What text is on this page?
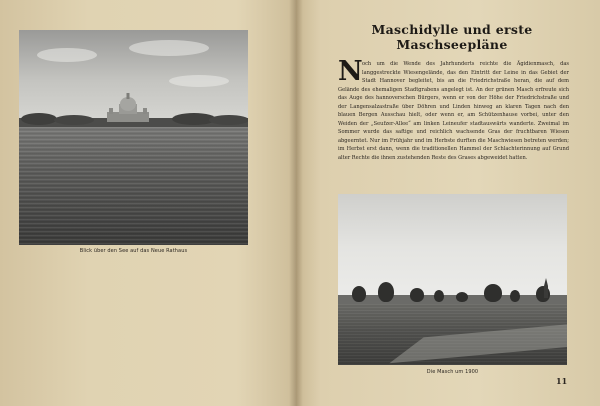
Blick über den See auf das Neue Rathaus
Maschidylle und erste Maschseepläne
N och um die Wende des Jahrhunderts reichte die Ägidienmasch, das langgestreckte Wiesengelände, das den Eintritt der Leine in das Gebiet der Stadt Hannover begleitet, bis an die Friedrichstraße heran, die auf dem Gelände des ehemaligen Stadtgrabens angelegt ist. An der grünen Masch erfreute sich das Auge des hannoverschen Bürgers, wenn er von der Höhe der Friedrichstraße und der Langensalzastraße über Döhren und Linden hinweg an klaren Tagen nach den blauen Bergen Ausschau hielt, oder wenn er, am Schützenhause vorbei, unter den Weiden der „Seufzer-Allee“ am linken Leineufer stadtauswärts wanderte. Zweimal im Sommer wurde das saftige und reichlich wachsende Gras der fruchtbaren Wiesen abgeerntet. Nur im Frühjahr und im Herbste durften die Maschwiesen betreten werden; im Herbst erst dann, wenn die traditionellen Hammel der Schlachterinnung auf Grund alter Rechte die ihnen zustehenden Reste des Grases abgeweidet hatten.
Die Masch um 1900
11
